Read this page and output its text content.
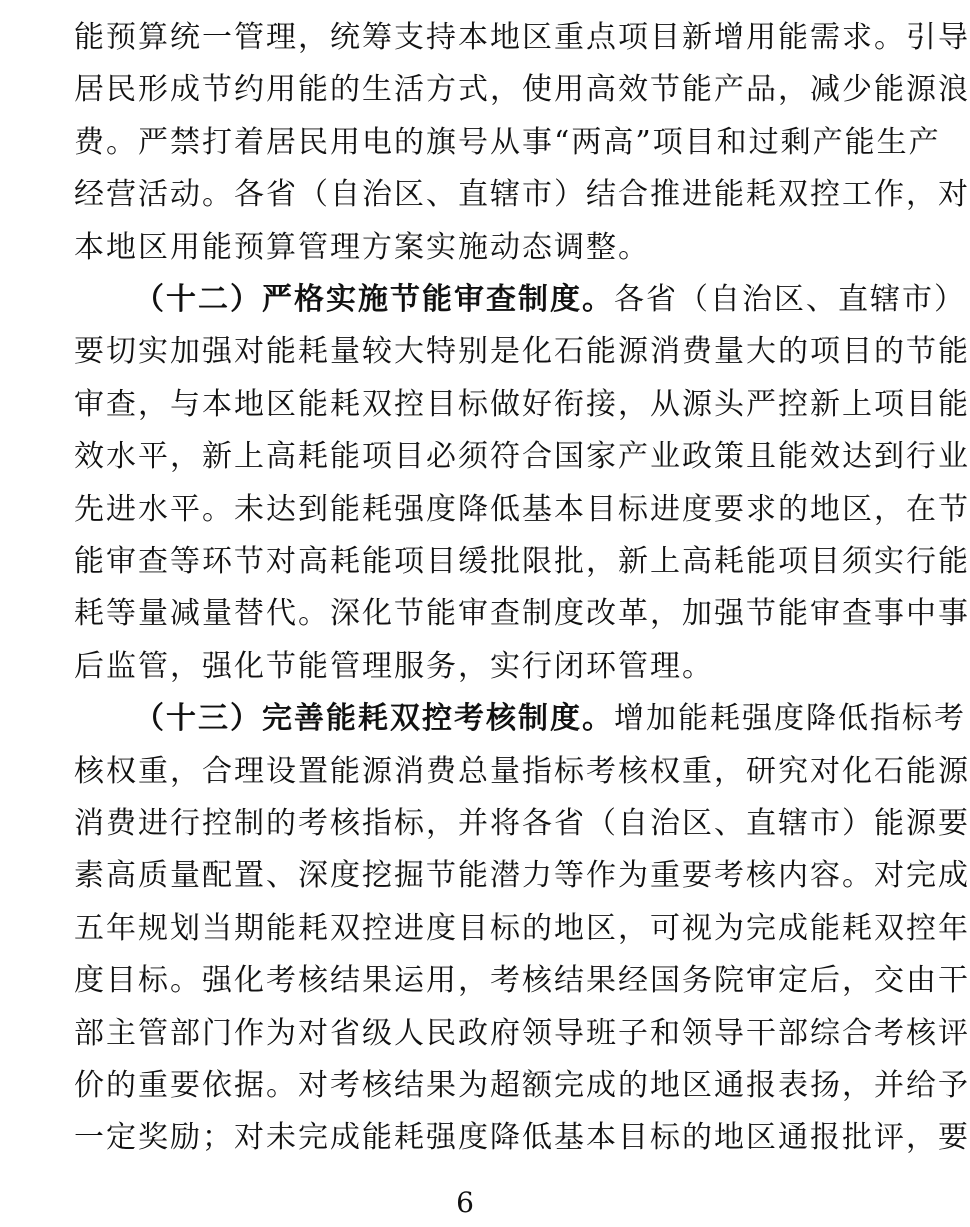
能预算统一管理，统筹支持本地区重点项目新增用能需求。引导
居民形成节约用能的生活方式，使用高效节能产品，减少能源浪
费。严禁打着居民用电的旗号从事“两高”项目和过剩产能生产
经营活动。各省（自治区、直辖市）结合推进能耗双控工作，对
本地区用能预算管理方案实施动态调整。
（十二）严格实施节能审查制度。各省（自治区、直辖市）
要切实加强对能耗量较大特别是化石能源消费量大的项目的节能
审查，与本地区能耗双控目标做好衔接，从源头严控新上项目能
效水平，新上高耗能项目必须符合国家产业政策且能效达到行业
先进水平。未达到能耗强度降低基本目标进度要求的地区，在节
能审查等环节对高耗能项目缓批限批，新上高耗能项目须实行能
耗等量减量替代。深化节能审查制度改革，加强节能审查事中事
后监管，强化节能管理服务，实行闭环管理。
（十三）完善能耗双控考核制度。增加能耗强度降低指标考
核权重，合理设置能源消费总量指标考核权重，研究对化石能源
消费进行控制的考核指标，并将各省（自治区、直辖市）能源要
素高质量配置、深度挖掘节能潜力等作为重要考核内容。对完成
五年规划当期能耗双控进度目标的地区，可视为完成能耗双控年
度目标。强化考核结果运用，考核结果经国务院审定后，交由干
部主管部门作为对省级人民政府领导班子和领导干部综合考核评
价的重要依据。对考核结果为超额完成的地区通报表扬，并给予
一定奖励；对未完成能耗强度降低基本目标的地区通报批评，要
6
